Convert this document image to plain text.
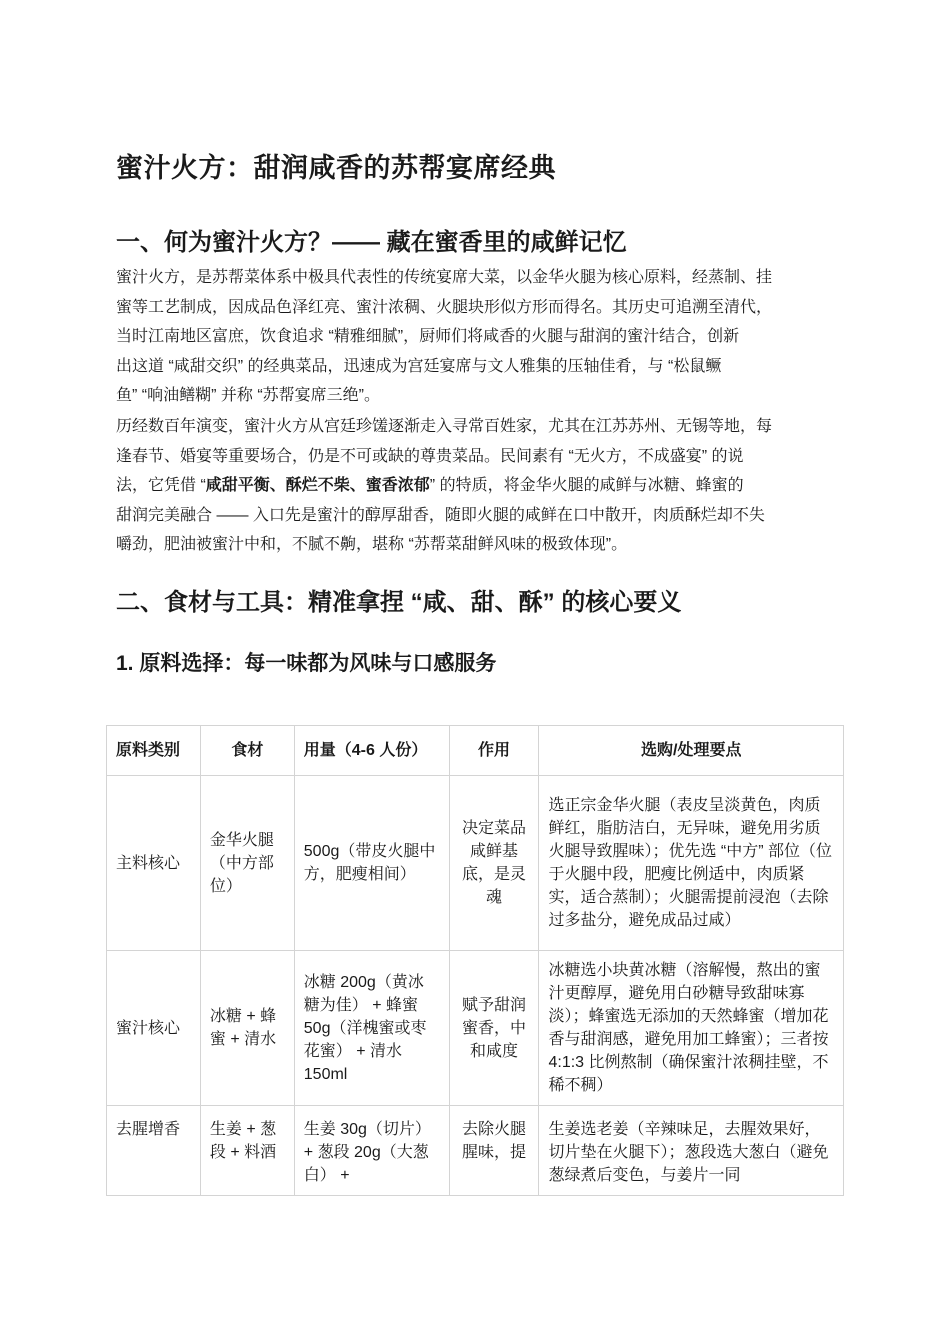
蜜汁火方：甜润咸香的苏帮宴席经典
一、何为蜜汁火方？—— 藏在蜜香里的咸鲜记忆
蜜汁火方，是苏帮菜体系中极具代表性的传统宴席大菜，以金华火腿为核心原料，经蒸制、挂
蜜等工艺制成，因成品色泽红亮、蜜汁浓稠、火腿块形似方形而得名。其历史可追溯至清代，
当时江南地区富庶，饮食追求 “精雅细腻”，厨师们将咸香的火腿与甜润的蜜汁结合，创新
出这道 “咸甜交织” 的经典菜品，迅速成为宫廷宴席与文人雅集的压轴佳肴，与 “松鼠鳜
鱼” “响油鳝糊” 并称 “苏帮宴席三绝”。
历经数百年演变，蜜汁火方从宫廷珍馐逐渐走入寻常百姓家，尤其在江苏苏州、无锡等地，每
逢春节、婚宴等重要场合，仍是不可或缺的尊贵菜品。民间素有 “无火方，不成盛宴” 的说
法，它凭借 “咸甜平衡、酥烂不柴、蜜香浓郁” 的特质，将金华火腿的咸鲜与冰糖、蜂蜜的
甜润完美融合 —— 入口先是蜜汁的醇厚甜香，随即火腿的咸鲜在口中散开，肉质酥烂却不失
嚼劲，肥油被蜜汁中和，不腻不齁，堪称 “苏帮菜甜鲜风味的极致体现”。
二、食材与工具：精准拿捏 “咸、甜、酥” 的核心要义
1. 原料选择：每一味都为风味与口感服务
原料类别	食材	用量（4-6 人份）	作用	选购/处理要点
主料核心	金华火腿（中方部位）	500g（带皮火腿中方，肥瘦相间）	决定菜品咸鲜基底，是灵魂	选正宗金华火腿（表皮呈淡黄色，肉质鲜红，脂肪洁白，无异味，避免用劣质火腿导致腥味）；优先选 “中方” 部位（位于火腿中段，肥瘦比例适中，肉质紧实，适合蒸制）；火腿需提前浸泡（去除过多盐分，避免成品过咸）
蜜汁核心	冰糖 + 蜂蜜 + 清水	冰糖 200g（黄冰糖为佳） + 蜂蜜 50g（洋槐蜜或枣花蜜） + 清水 150ml	赋予甜润蜜香，中和咸度	冰糖选小块黄冰糖（溶解慢，熬出的蜜汁更醇厚，避免用白砂糖导致甜味寡淡）；蜂蜜选无添加的天然蜂蜜（增加花香与甜润感，避免用加工蜂蜜）；三者按 4:1:3 比例熬制（确保蜜汁浓稠挂壁，不稀不稠）
去腥增香	生姜 + 葱段 + 料酒	生姜 30g（切片） + 葱段 20g（大葱白） +	去除火腿腥味，提	生姜选老姜（辛辣味足，去腥效果好，切片垫在火腿下）；葱段选大葱白（避免葱绿煮后变色，与姜片一同
